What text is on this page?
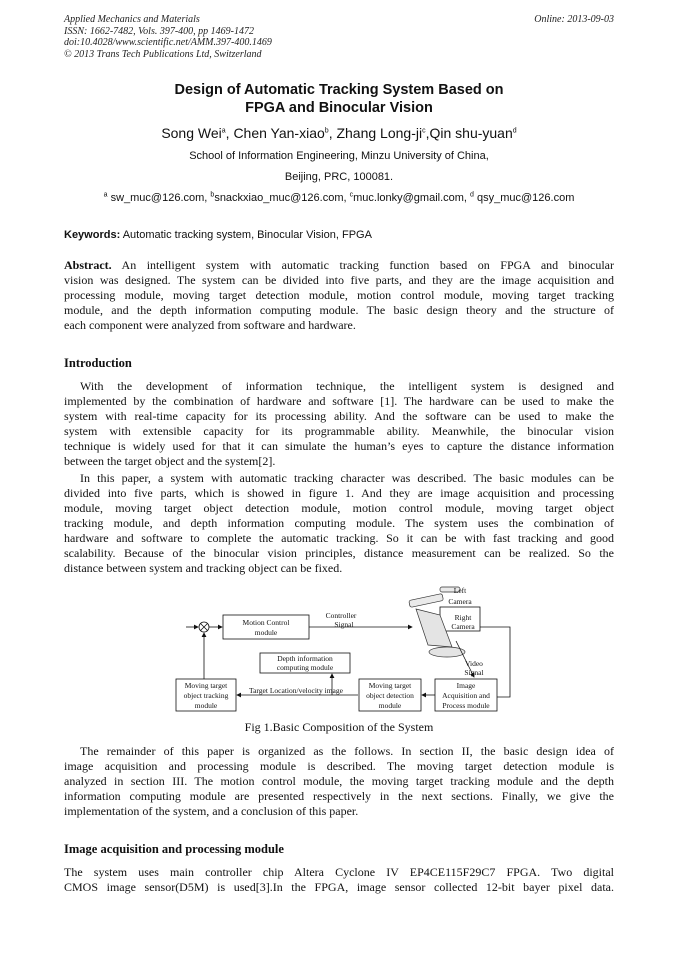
Applied Mechanics and Materials
ISSN: 1662-7482, Vols. 397-400, pp 1469-1472
doi:10.4028/www.scientific.net/AMM.397-400.1469
© 2013 Trans Tech Publications Ltd, Switzerland
Online: 2013-09-03
Design of Automatic Tracking System Based on
FPGA and Binocular Vision
Song Wei$^a$, Chen Yan-xiao$^b$, Zhang Long-$ji^c,Qin$ shu-yuan$^d$
School of Information Engineering, Minzu University of China,
Beijing, PRC, 100081.
$^a$ sw_muc@126.com, $^b$snackxiao_muc@126.com, $^c$muc.lonky@gmail.com, $^d$ qsy_muc@126.com
Keywords: Automatic tracking system, Binocular Vision, FPGA
Abstract. An intelligent system with automatic tracking function based on FPGA and binocular
vision was designed. The system can be divided into five parts, and they are the image acquisition and
processing module, moving target detection module, motion control module, moving target tracking
module, and the depth information computing module. The basic design theory and the structure of
each component were analyzed from software and hardware.
Introduction
With the development of information technique, the intelligent system is designed and
implemented by the combination of hardware and software [1]. The hardware can be used to make the
system with real-time capacity for its processing ability. And the software can be used to make the
system with extensible capacity for its programmable ability. Meanwhile, the binocular vision
technique is widely used for that it can simulate the human’s eyes to capture the distance information
between the target object and the system[2].
In this paper, a system with automatic tracking character was described. The basic modules can be
divided into five parts, which is showed in figure 1. And they are image acquisition and processing
module, moving target object detection module, motion control module, moving target object
tracking module, and depth information computing module. The system uses the combination of
hardware and software to complete the automatic tracking. So it can be with fast tracking and good
scalability. Because of the binocular vision principles, distance measurement can be realized. So the
distance between system and tracking object can be fixed.
Motion Control
module
Controller
Signal
Left
Camera
Right
Camera
Video
Signal
Depth information
computing module
Moving target
object tracking
module
Target Location/velocity image
Moving target
object detection
module
Image
Acquisition and
Process module
Fig 1.Basic Composition of the System
The remainder of this paper is organized as the follows. In section II, the basic design idea of
image acquisition and processing module is described. The moving target detection module is
analyzed in section III. The motion control module, the moving target tracking module and the depth
information computing module are presented respectively in the next sections. Finally, we give the
implementation of the system, and a conclusion of this paper.
Image acquisition and processing module
The system uses main controller chip Altera Cyclone IV EP4CE115F29C7 FPGA. Two digital
CMOS image sensor(D5M) is used[3].In the FPGA, image sensor collected 12-bit bayer pixel data.
